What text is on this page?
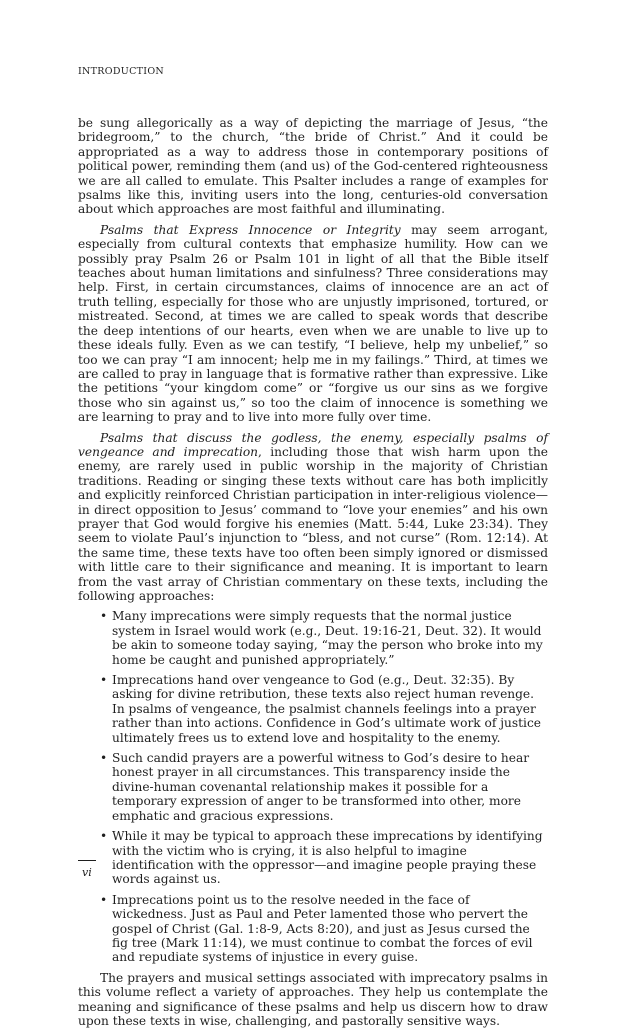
INTRODUCTION

be sung allegorically as a way of depicting the marriage of Jesus, “the bridegroom,” to the church, “the bride of Christ.” And it could be appropriated as a way to address those in contemporary positions of political power, reminding them (and us) of the God-centered righteousness we are all called to emulate. This Psalter includes a range of examples for psalms like this, inviting users into the long, centuries-old conversation about which approaches are most faithful and illuminating.

Psalms that Express Innocence or Integrity may seem arrogant, especially from cultural contexts that emphasize humility. How can we possibly pray Psalm 26 or Psalm 101 in light of all that the Bible itself teaches about human limitations and sinfulness? Three considerations may help. First, in certain circumstances, claims of innocence are an act of truth telling, especially for those who are unjustly imprisoned, tortured, or mistreated. Second, at times we are called to speak words that describe the deep intentions of our hearts, even when we are unable to live up to these ideals fully. Even as we can testify, “I believe, help my unbelief,” so too we can pray “I am innocent; help me in my failings.” Third, at times we are called to pray in language that is formative rather than expressive. Like the petitions “your kingdom come” or “forgive us our sins as we forgive those who sin against us,” so too the claim of innocence is something we are learning to pray and to live into more fully over time.

Psalms that discuss the godless, the enemy, especially psalms of vengeance and imprecation, including those that wish harm upon the enemy, are rarely used in public worship in the majority of Christian traditions. Reading or singing these texts without care has both implicitly and explicitly reinforced Christian participation in inter-religious violence—in direct opposition to Jesus’ command to “love your enemies” and his own prayer that God would forgive his enemies (Matt. 5:44, Luke 23:34). They seem to violate Paul’s injunction to “bless, and not curse” (Rom. 12:14). At the same time, these texts have too often been simply ignored or dismissed with little care to their significance and meaning. It is important to learn from the vast array of Christian commentary on these texts, including the following approaches:

• Many imprecations were simply requests that the normal justice system in Israel would work (e.g., Deut. 19:16-21, Deut. 32). It would be akin to someone today saying, “may the person who broke into my home be caught and punished appropriately.”
• Imprecations hand over vengeance to God (e.g., Deut. 32:35). By asking for divine retribution, these texts also reject human revenge. In psalms of vengeance, the psalmist channels feelings into a prayer rather than into actions. Confidence in God’s ultimate work of justice ultimately frees us to extend love and hospitality to the enemy.
• Such candid prayers are a powerful witness to God’s desire to hear honest prayer in all circumstances. This transparency inside the divine-human covenantal relationship makes it possible for a temporary expression of anger to be transformed into other, more emphatic and gracious expressions.
• While it may be typical to approach these imprecations by identifying with the victim who is crying, it is also helpful to imagine identification with the oppressor—and imagine people praying these words against us.
• Imprecations point us to the resolve needed in the face of wickedness. Just as Paul and Peter lamented those who pervert the gospel of Christ (Gal. 1:8-9, Acts 8:20), and just as Jesus cursed the fig tree (Mark 11:14), we must continue to combat the forces of evil and repudiate systems of injustice in every guise.

The prayers and musical settings associated with imprecatory psalms in this volume reflect a variety of approaches. They help us contemplate the meaning and significance of these psalms and help us discern how to draw upon these texts in wise, challenging, and pastorally sensitive ways.

vi
